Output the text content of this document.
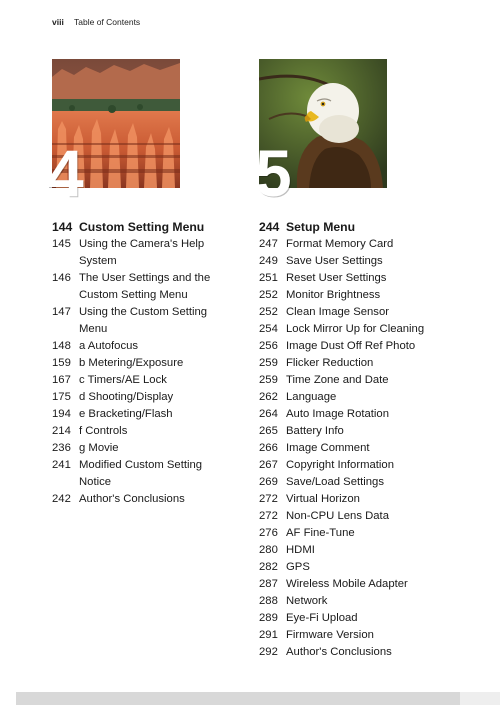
viii Table of Contents
4	5
144 Custom Setting Menu
145 Using the Camera's Help
System
146 The User Settings and the
Custom Setting Menu
147 Using the Custom Setting
Menu
148 a Autofocus
159 b Metering/Exposure
167 c Timers/AE Lock
175 d Shooting/Display
194 e Bracketing/Flash
214 f Controls
236 g Movie
241 Modified Custom Setting
Notice
242 Author's Conclusions
244 Setup Menu
247 Format Memory Card
249 Save User Settings
251 Reset User Settings
252 Monitor Brightness
252 Clean Image Sensor
254 Lock Mirror Up for Cleaning
256 Image Dust Off Ref Photo
259 Flicker Reduction
259 Time Zone and Date
262 Language
264 Auto Image Rotation
265 Battery Info
266 Image Comment
267 Copyright Information
269 Save/Load Settings
272 Virtual Horizon
272 Non-CPU Lens Data
276 AF Fine-Tune
280 HDMI
282 GPS
287 Wireless Mobile Adapter
288 Network
289 Eye-Fi Upload
291 Firmware Version
292 Author's Conclusions
